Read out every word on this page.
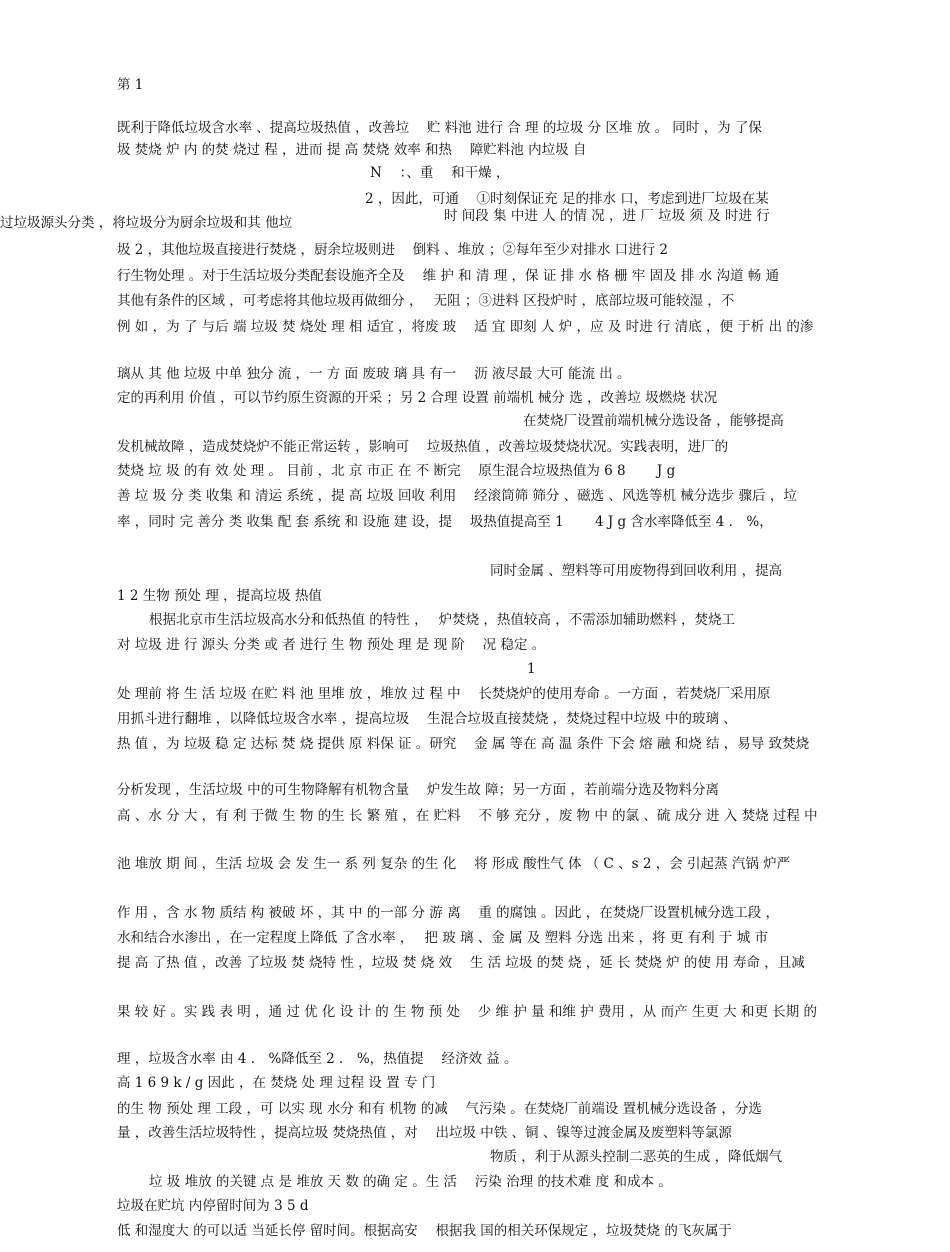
第 1
既利于降低垃圾含水率 、提高垃圾热值 ，改善垃　 贮 料池 进行 合 理 的垃圾 分 区堆 放 。 同时 ，为 了保
圾 焚烧 炉 内 的焚 烧过 程 ，进而 提 高 焚烧 效率 和热　 障贮料池 内垃圾 自
N　 ：、重　 和干燥 ，
2 ，因此，可通　 ①时刻保证充 足的排水 口，考虑到进厂垃圾在某
过垃圾源头分类 ，将垃圾分为厨余垃圾和其 他垃	时 间段 集 中进 人 的情 况 ，进 厂 垃圾 须 及 时进 行
圾 2 ，其他垃圾直接进行焚烧 ，厨余垃圾则进　 倒料 、堆放 ；②每年至少对排水 口进行 2
行生物处理 。对于生活垃圾分类配套设施齐全及　 维 护 和 清 理 ，保 证 排 水 格 栅 牢 固及 排 水 沟道 畅 通
其他有条件的区域 ，可考虑将其他垃圾再做细分 ，　 无阻 ；③进料 区投炉时 ，底部垃圾可能较湿 ，不
例 如 ，为 了 与后 端 垃圾 焚 烧处 理 相 适宜 ，将废 玻　 适 宜 即刻 人 炉 ，应 及 时进 行 清底 ，便 于析 出 的渗
璃从 其 他 垃圾 中单 独分 流 ，一 方 面 废玻 璃 具 有一　 沥 液尽最 大可 能流 出 。
定的再利用 价值 ，可以节约原生资源的开采 ；另 2 合理 设置 前端机 械分 选 ，改善垃 圾燃烧 状况
在焚烧厂设置前端机械分选设备 ，能够提高
发机械故障 ，造成焚烧炉不能正常运转 ，影响可　 垃圾热值 ，改善垃圾焚烧状况。实践表明，进厂的
焚烧 垃 圾 的有 效 处 理 。 目前 ，北 京 市正 在 不 断完　 原生混合垃圾热值为 6 8　　 J g
善 垃 圾 分 类 收集 和 清运 系统 ，提 高 垃圾 回收 利用　 经滚筒筛 筛分 、磁选 、风选等机 械分选步 骤后 ，垃
率 ，同时 完 善分 类 收集 配 套 系统 和 设施 建 设，提　 圾热值提高至 1　　 4 J g 含水率降低至 4 ． %，
同时金属 、塑料等可用废物得到回收利用 ，提高
1 2 生物 预处 理 ，提高垃圾 热值
根据北京市生活垃圾高水分和低热值 的特性 ，　 炉焚烧 ，热值较高 ，不需添加辅助燃料 ，焚烧工
对 垃圾 进 行 源头 分类 或 者 进行 生 物 预处 理 是 现 阶　 况 稳定 。
1
处 理前 将 生 活 垃圾 在贮 料 池 里堆 放 ，堆放 过 程 中　 长焚烧炉的使用寿命 。一方面 ，若焚烧厂采用原
用抓斗进行翻堆 ，以降低垃圾含水率 ，提高垃圾　 生混合垃圾直接焚烧 ，焚烧过程中垃圾 中的玻璃 、
热 值 ，为 垃圾 稳 定 达标 焚 烧 提供 原 料保 证 。研究　 金 属 等在 高 温 条件 下会 熔 融 和烧 结 ，易导 致焚烧
分析发现 ，生活垃圾 中的可生物降解有机物含量　 炉发生故 障；另一方面 ，若前端分选及物料分离
高 、水 分 大 ，有 利 于微 生 物 的生 长 繁 殖 ，在 贮料　 不 够 充分 ，废 物 中 的氯 、硫 成分 进 入 焚烧 过程 中
池 堆放 期 间 ，生活 垃圾 会 发 生一 系 列 复杂 的生 化　 将 形成 酸性气 体 （ C 、s 2 ，会 引起蒸 汽锅 炉严
作 用 ，含 水 物 质结 构 被破 坏 ，其 中 的一部 分 游 离　 重 的腐蚀 。因此 ，在焚烧厂设置机械分选工段 ，
水和结合水渗出 ，在一定程度上降低 了含水率 ，　 把 玻 璃 、金 属 及 塑料 分选 出来 ，将 更 有利 于 城 市
提 高 了热 值 ，改善 了垃圾 焚 烧特 性 ，垃圾 焚 烧 效　 生 活 垃圾 的焚 烧 ，延 长 焚烧 炉 的使 用 寿命 ，且减
果 较 好 。实 践 表 明 ，通 过 优 化 设 计 的 生 物 预 处　 少 维 护 量 和维 护 费用 ，从 而产 生更 大 和更 长期 的
理 ，垃圾含水率 由 4 ． %降低至 2 ． %，热值提　 经济效 益 。
高 1 6 9 k / g 因此 ，在 焚烧 处 理 过程 设 置 专 门
的生 物 预处 理 工段 ，可 以实 现 水分 和有 机物 的减　 气污染 。在焚烧厂前端设 置机械分选设备 ，分选
量 ，改善生活垃圾特性 ，提高垃圾 焚烧热值 ，对　 出垃圾 中铁 、铜 、镍等过渡金属及废塑料等氯源
物质 ，利于从源头控制二恶英的生成 ，降低烟气
垃 圾 堆放 的关键 点 是 堆放 天 数 的确 定 。生 活　 污染 治理 的技术难 度 和成本 。
垃圾在贮坑 内停留时间为 3 5 d
低 和湿度大 的可以适 当延长停 留时间。根据高安　 根据我 国的相关环保规定 ，垃圾焚烧 的飞灰属于
